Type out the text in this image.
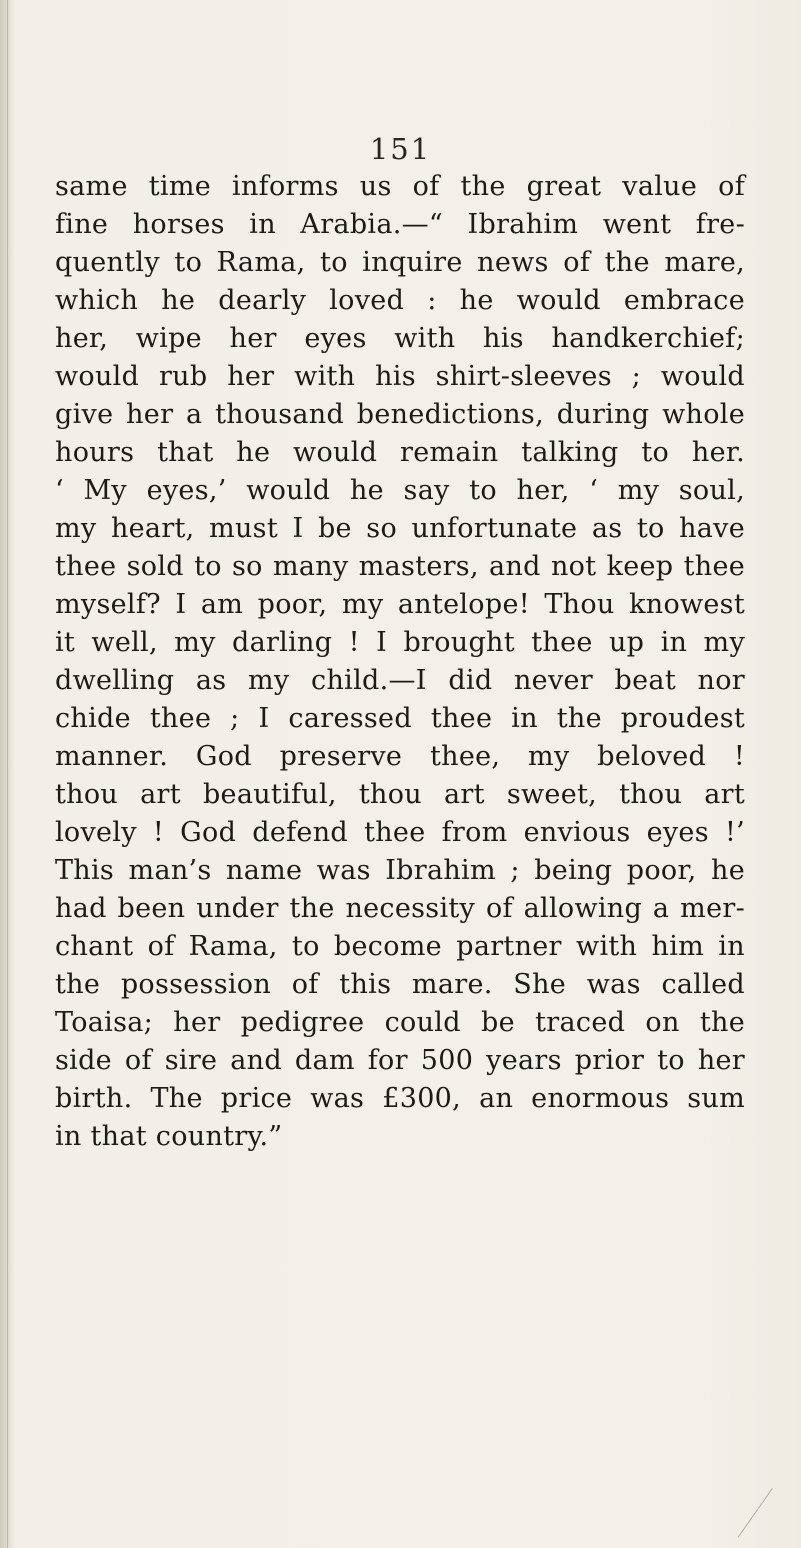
151
same time informs us of the great value of
fine horses in Arabia.—“ Ibrahim went fre-
quently to Rama, to inquire news of the mare,
which he dearly loved : he would embrace
her, wipe her eyes with his handkerchief;
would rub her with his shirt-sleeves ; would
give her a thousand benedictions, during whole
hours that he would remain talking to her.
‘ My eyes,’ would he say to her, ‘ my soul,
my heart, must I be so unfortunate as to have
thee sold to so many masters, and not keep thee
myself? I am poor, my antelope! Thou knowest
it well, my darling ! I brought thee up in my
dwelling as my child.—I did never beat nor
chide thee ; I caressed thee in the proudest
manner. God preserve thee, my beloved !
thou art beautiful, thou art sweet, thou art
lovely ! God defend thee from envious eyes !’
This man’s name was Ibrahim ; being poor, he
had been under the necessity of allowing a mer-
chant of Rama, to become partner with him in
the possession of this mare. She was called
Toaisa; her pedigree could be traced on the
side of sire and dam for 500 years prior to her
birth. The price was £300, an enormous sum
in that country.”
